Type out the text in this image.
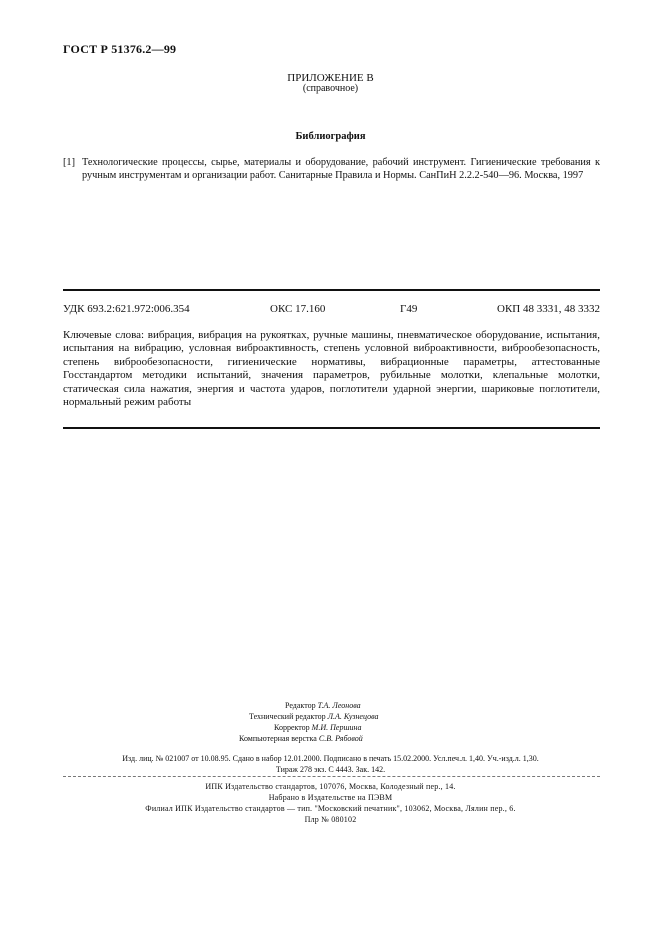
ГОСТ Р 51376.2—99
ПРИЛОЖЕНИЕ В
(справочное)
Библиография
[1] Технологические процессы, сырье, материалы и оборудование, рабочий инструмент. Гигиенические требования к ручным инструментам и организации работ. Санитарные Правила и Нормы. СанПиН 2.2.2-540—96. Москва, 1997
УДК 693.2:621.972:006.354	ОКС 17.160	Г49	ОКП 48 3331, 48 3332
Ключевые слова: вибрация, вибрация на рукоятках, ручные машины, пневматическое оборудование, испытания, испытания на вибрацию, условная виброактивность, степень условной виброактивности, виброобезопасность, степень виброобезопасности, гигиенические нормативы, вибрационные параметры, аттестованные Госстандартом методики испытаний, значения параметров, рубильные молотки, клепальные молотки, статическая сила нажатия, энергия и частота ударов, поглотители ударной энергии, шариковые поглотители, нормальный режим работы
Редактор Т.А. Леонова
Технический редактор Л.А. Кузнецова
Корректор М.И. Першина
Компьютерная верстка С.В. Рябовой
Изд. лиц. № 021007 от 10.08.95. Сдано в набор 12.01.2000. Подписано в печать 15.02.2000. Усл.печ.л. 1,40. Уч.-изд.л. 1,30.
Тираж 278 экз. С 4443. Зак. 142.
ИПК Издательство стандартов, 107076, Москва, Колодезный пер., 14.
Набрано в Издательстве на ПЭВМ
Филиал ИПК Издательство стандартов — тип. "Московский печатник", 103062, Москва, Лялин пер., 6.
Плр № 080102
